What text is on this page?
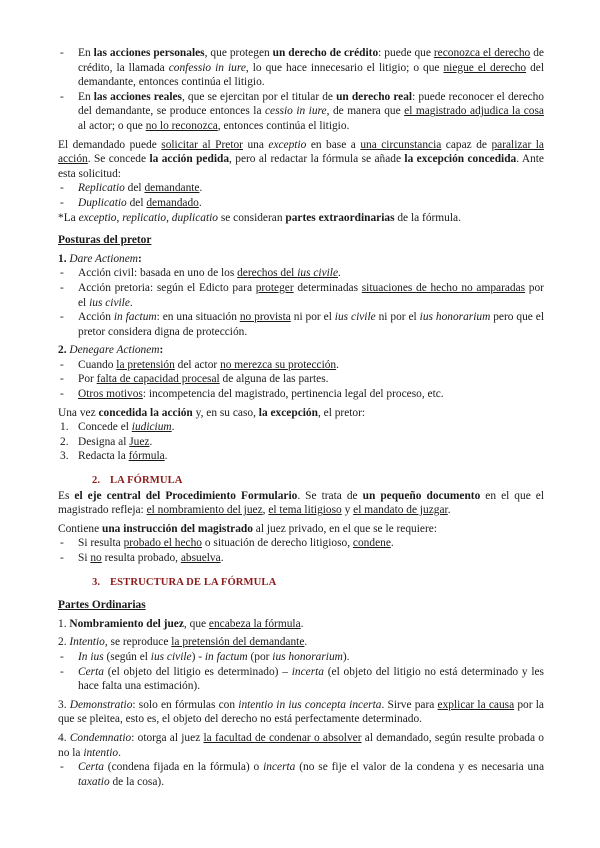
- En las acciones personales, que protegen un derecho de crédito: puede que reconozca el derecho de crédito, la llamada confessio in iure, lo que hace innecesario el litigio; o que niegue el derecho del demandante, entonces continúa el litigio.
- En las acciones reales, que se ejercitan por el titular de un derecho real: puede reconocer el derecho del demandante, se produce entonces la cessio in iure, de manera que el magistrado adjudica la cosa al actor; o que no lo reconozca, entonces continúa el litigio.

El demandado puede solicitar al Pretor una exceptio en base a una circunstancia capaz de paralizar la acción. Se concede la acción pedida, pero al redactar la fórmula se añade la excepción concedida. Ante esta solicitud:

- Replicatio del demandante.
- Duplicatio del demandado.

*La exceptio, replicatio, duplicatio se consideran partes extraordinarias de la fórmula.

Posturas del pretor

1. Dare Actionem:

- Acción civil: basada en uno de los derechos del ius civile.
- Acción pretoria: según el Edicto para proteger determinadas situaciones de hecho no amparadas por el ius civile.
- Acción in factum: en una situación no provista ni por el ius civile ni por el ius honorarium pero que el pretor considera digna de protección.

2. Denegare Actionem:

- Cuando la pretensión del actor no merezca su protección.
- Por falta de capacidad procesal de alguna de las partes.
- Otros motivos: incompetencia del magistrado, pertinencia legal del proceso, etc.

Una vez concedida la acción y, en su caso, la excepción, el pretor:

1. Concede el iudicium.
2. Designa al Juez.
3. Redacta la fórmula.

2. LA FÓRMULA

Es el eje central del Procedimiento Formulario. Se trata de un pequeño documento en el que el magistrado refleja: el nombramiento del juez, el tema litigioso y el mandato de juzgar.

Contiene una instrucción del magistrado al juez privado, en el que se le requiere:

- Si resulta probado el hecho o situación de derecho litigioso, condene.
- Si no resulta probado, absuelva.

3. ESTRUCTURA DE LA FÓRMULA

Partes Ordinarias

1. Nombramiento del juez, que encabeza la fórmula.

2. Intentio, se reproduce la pretensión del demandante.

- In ius (según el ius civile) - in factum (por ius honorarium).
- Certa (el objeto del litigio es determinado) – incerta (el objeto del litigio no está determinado y les hace falta una estimación).

3. Demonstratio: solo en fórmulas con intentio in ius concepta incerta. Sirve para explicar la causa por la que se pleitea, esto es, el objeto del derecho no está perfectamente determinado.

4. Condemnatio: otorga al juez la facultad de condenar o absolver al demandado, según resulte probada o no la intentio.

- Certa (condena fijada en la fórmula) o incerta (no se fije el valor de la condena y es necesaria una taxatio de la cosa).
